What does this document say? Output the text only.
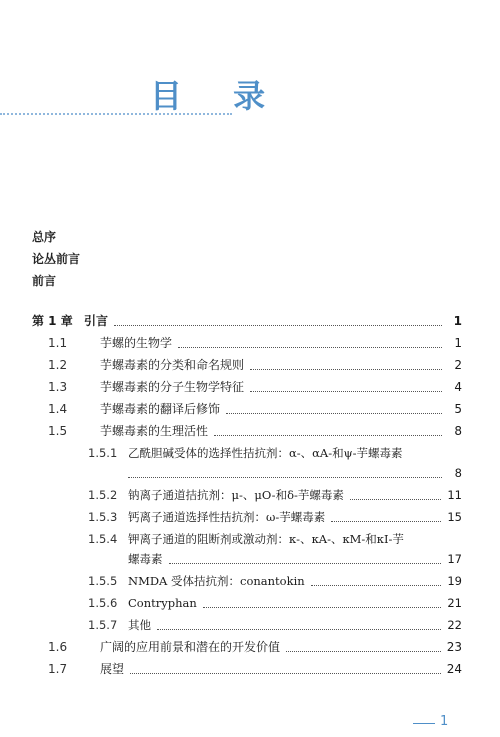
目 录
总序
论丛前言
前言
第 1 章 引言	1
1.1	芋螺的生物学	1
1.2	芋螺毒素的分类和命名规则	2
1.3	芋螺毒素的分子生物学特征	4
1.4	芋螺毒素的翻译后修饰	5
1.5	芋螺毒素的生理活性	8
1.5.1 乙酰胆碱受体的选择性拮抗剂：α-、αA-和ψ-芋螺毒素
8
1.5.2 钠离子通道拮抗剂：μ-、μO-和δ-芋螺毒素	11
1.5.3 钙离子通道选择性拮抗剂：ω-芋螺毒素	15
1.5.4 钾离子通道的阻断剂或激动剂：κ-、κA-、κM-和κI-芋
螺毒素	17
1.5.5 NMDA 受体拮抗剂：conantokin	19
1.5.6 Contryphan	21
1.5.7 其他	22
1.6	广阔的应用前景和潜在的开发价值	23
1.7	展望	24
1
